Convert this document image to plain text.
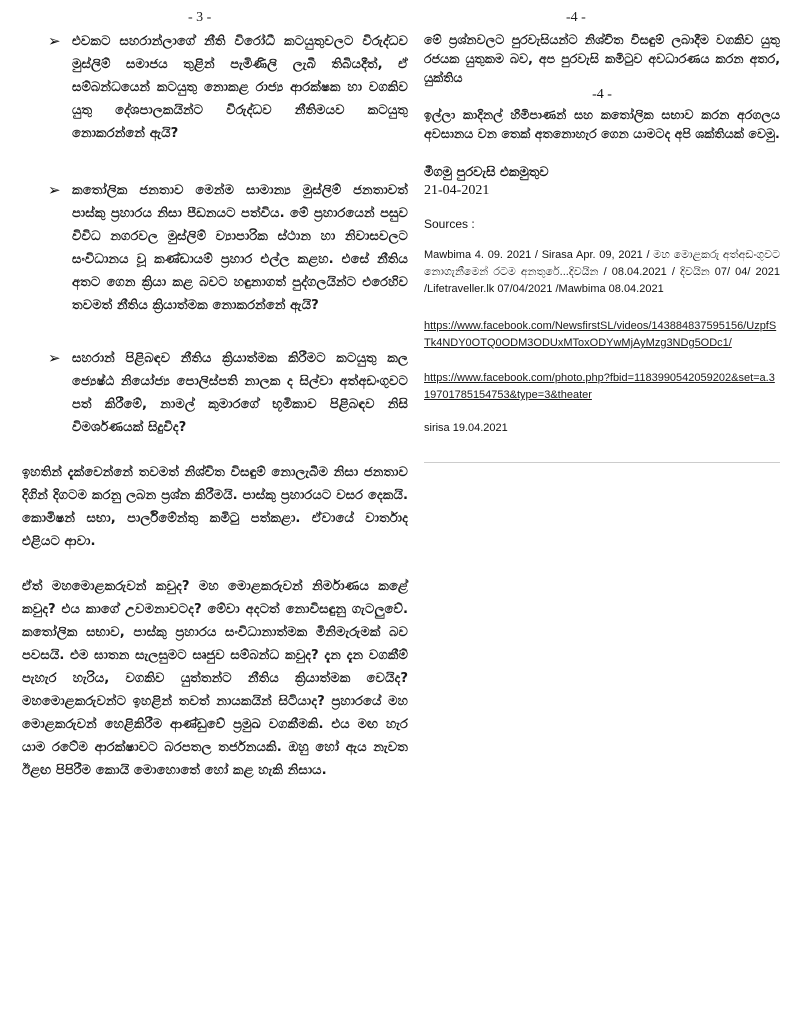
- 3 -
➢ එවකට සහරාන්ලාගේ නීති විරෝධී කටයුතුවලට විරුද්ධව මුස්ලිම් සමාජය තුළින් පැමිණිලි ලැබී තිබියදීත්, ඒ සම්බන්ධයෙන් කටයුතු නොකළ රාජ්‍ය ආරක්ෂක හා වගකිව යුතු දේශපාලකයින්ට විරුද්ධව නීතිමයව කටයුතු නොකරන්නේ ඇයි?
➢ කතෝලික ජනතාව මෙන්ම සාමාන්‍ය මුස්ලිම් ජනතාවත් පාස්කු ප්‍රහාරය නිසා පීඩනයට පත්විය. මේ ප්‍රහාරයෙන් පසුව විවිධ නගරවල මුස්ලිම් ව්‍යාපාරික ස්ථාන හා නිවාසවලට සංවිධානය වූ කණ්ඩායම් ප්‍රහාර එල්ල කළහ. එසේ නීතිය අතට ගෙන ක්‍රියා කළ බවට හඳුනාගත් පුද්ගලයින්ට එරෙහිව තවමත් නීතිය ක්‍රියාත්මක නොකරන්නේ ඇයි?
➢ සහරාන් පිළිබඳව නීතිය ක්‍රියාත්මක කිරීමට කටයුතු කල ජ්‍යෙෂ්ඨ නියෝජ්‍ය පොලිස්පති නාලක ද සිල්වා අත්අඩංගුවට පත් කිරීමේ, නාමල් කුමාරගේ භූමිකාව පිළිබඳව නිසි විමර්ශණයක් සිදුවිද?

ඉහතින් දැක්වෙන්නේ තවමත් නිශ්චිත විසඳුම් නොලැබීම නිසා ජනතාව දිගින් දිගටම කරනු ලබන ප්‍රශ්න කිරීමයි. පාස්කු ප්‍රහාරයට වසර දෙකයි. කොමිෂන් සභා, පාර්ලිමේන්තු කමිටු පත්කළා. ඒවායේ වාර්තාද එළියට ආවා.

ඒත් මහමොළකරුවන් කවුද? මහ මොළකරුවන් නිර්මාණය කළේ කවුද? එය කාගේ උවමනාවටද? මේවා අදටත් නොවිසඳුනු ගැටලුවේ. කතෝලික සභාව, පාස්කු ප්‍රහාරය සංවිධානාත්මක මිනිමැරුමක් බව පවසයි. එම ඝාතන සැලසුමට සෘජුව සම්බන්ධ කවුද? දැන දැන වගකීම් පැහැර හැරිය, වගකිව යුත්තන්ට නීතිය ක්‍රියාත්මක වෙයිද? මහමොළකරුවන්ට ඉහළින් තවත් නායකයින් සිටියාද? ප්‍රහාරයේ මහ මොළකරුවන් හෙළිකිරීම ආණ්ඩුවේ ප්‍රමුඛ වගකීමකි. එය මඟ හැර යාම රටේම ආරක්ෂාවට බරපතල තර්ජනයකි. ඔහු හෝ ඇය නැවත ඊළඟ පිපිරීම කොයි මොහොතේ හෝ කළ හැකි නිසාය.

-4 -

මේ ප්‍රශ්නවලට පුරවැසියන්ට නිශ්චිත විසඳුම් ලබාදීම වගකිව යුතු රජයක යුතුකම බව, අප පුරවැසි කමිටුව අවධාරණය කරන අතර, යුක්තිය

-4 -

ඉල්ලා කාදිනල් හිමිපාණන් සහ කතෝලික සභාව කරන අරගලය අවසානය වන තෙක් අතනොහැර ගෙන යාමටද අපි ශක්තියක් වෙමු.

මීගමු පුරවැසි එකමුතුව

21-04-2021

Sources :

Mawbima 4. 09. 2021 / Sirasa Apr. 09, 2021 / මහ මොළකරු අත්අඩංගුවට නොගැනීමෙන් රටම අනතුරේ...දිවයින / 08.04.2021 / දිවයින 07/ 04/ 2021 /Lifetraveller.lk 07/04/2021 /Mawbima 08.04.2021

https://www.facebook.com/NewsfirstSL/videos/143884837595156/UzpfSTk4NDY0OTQ0ODM3ODUxMToxODYwMjAyMzg3NDg5ODc1/

https://www.facebook.com/photo.php?fbid=1183990542059202&set=a.319701785154753&type=3&theater

sirisa 19.04.2021
